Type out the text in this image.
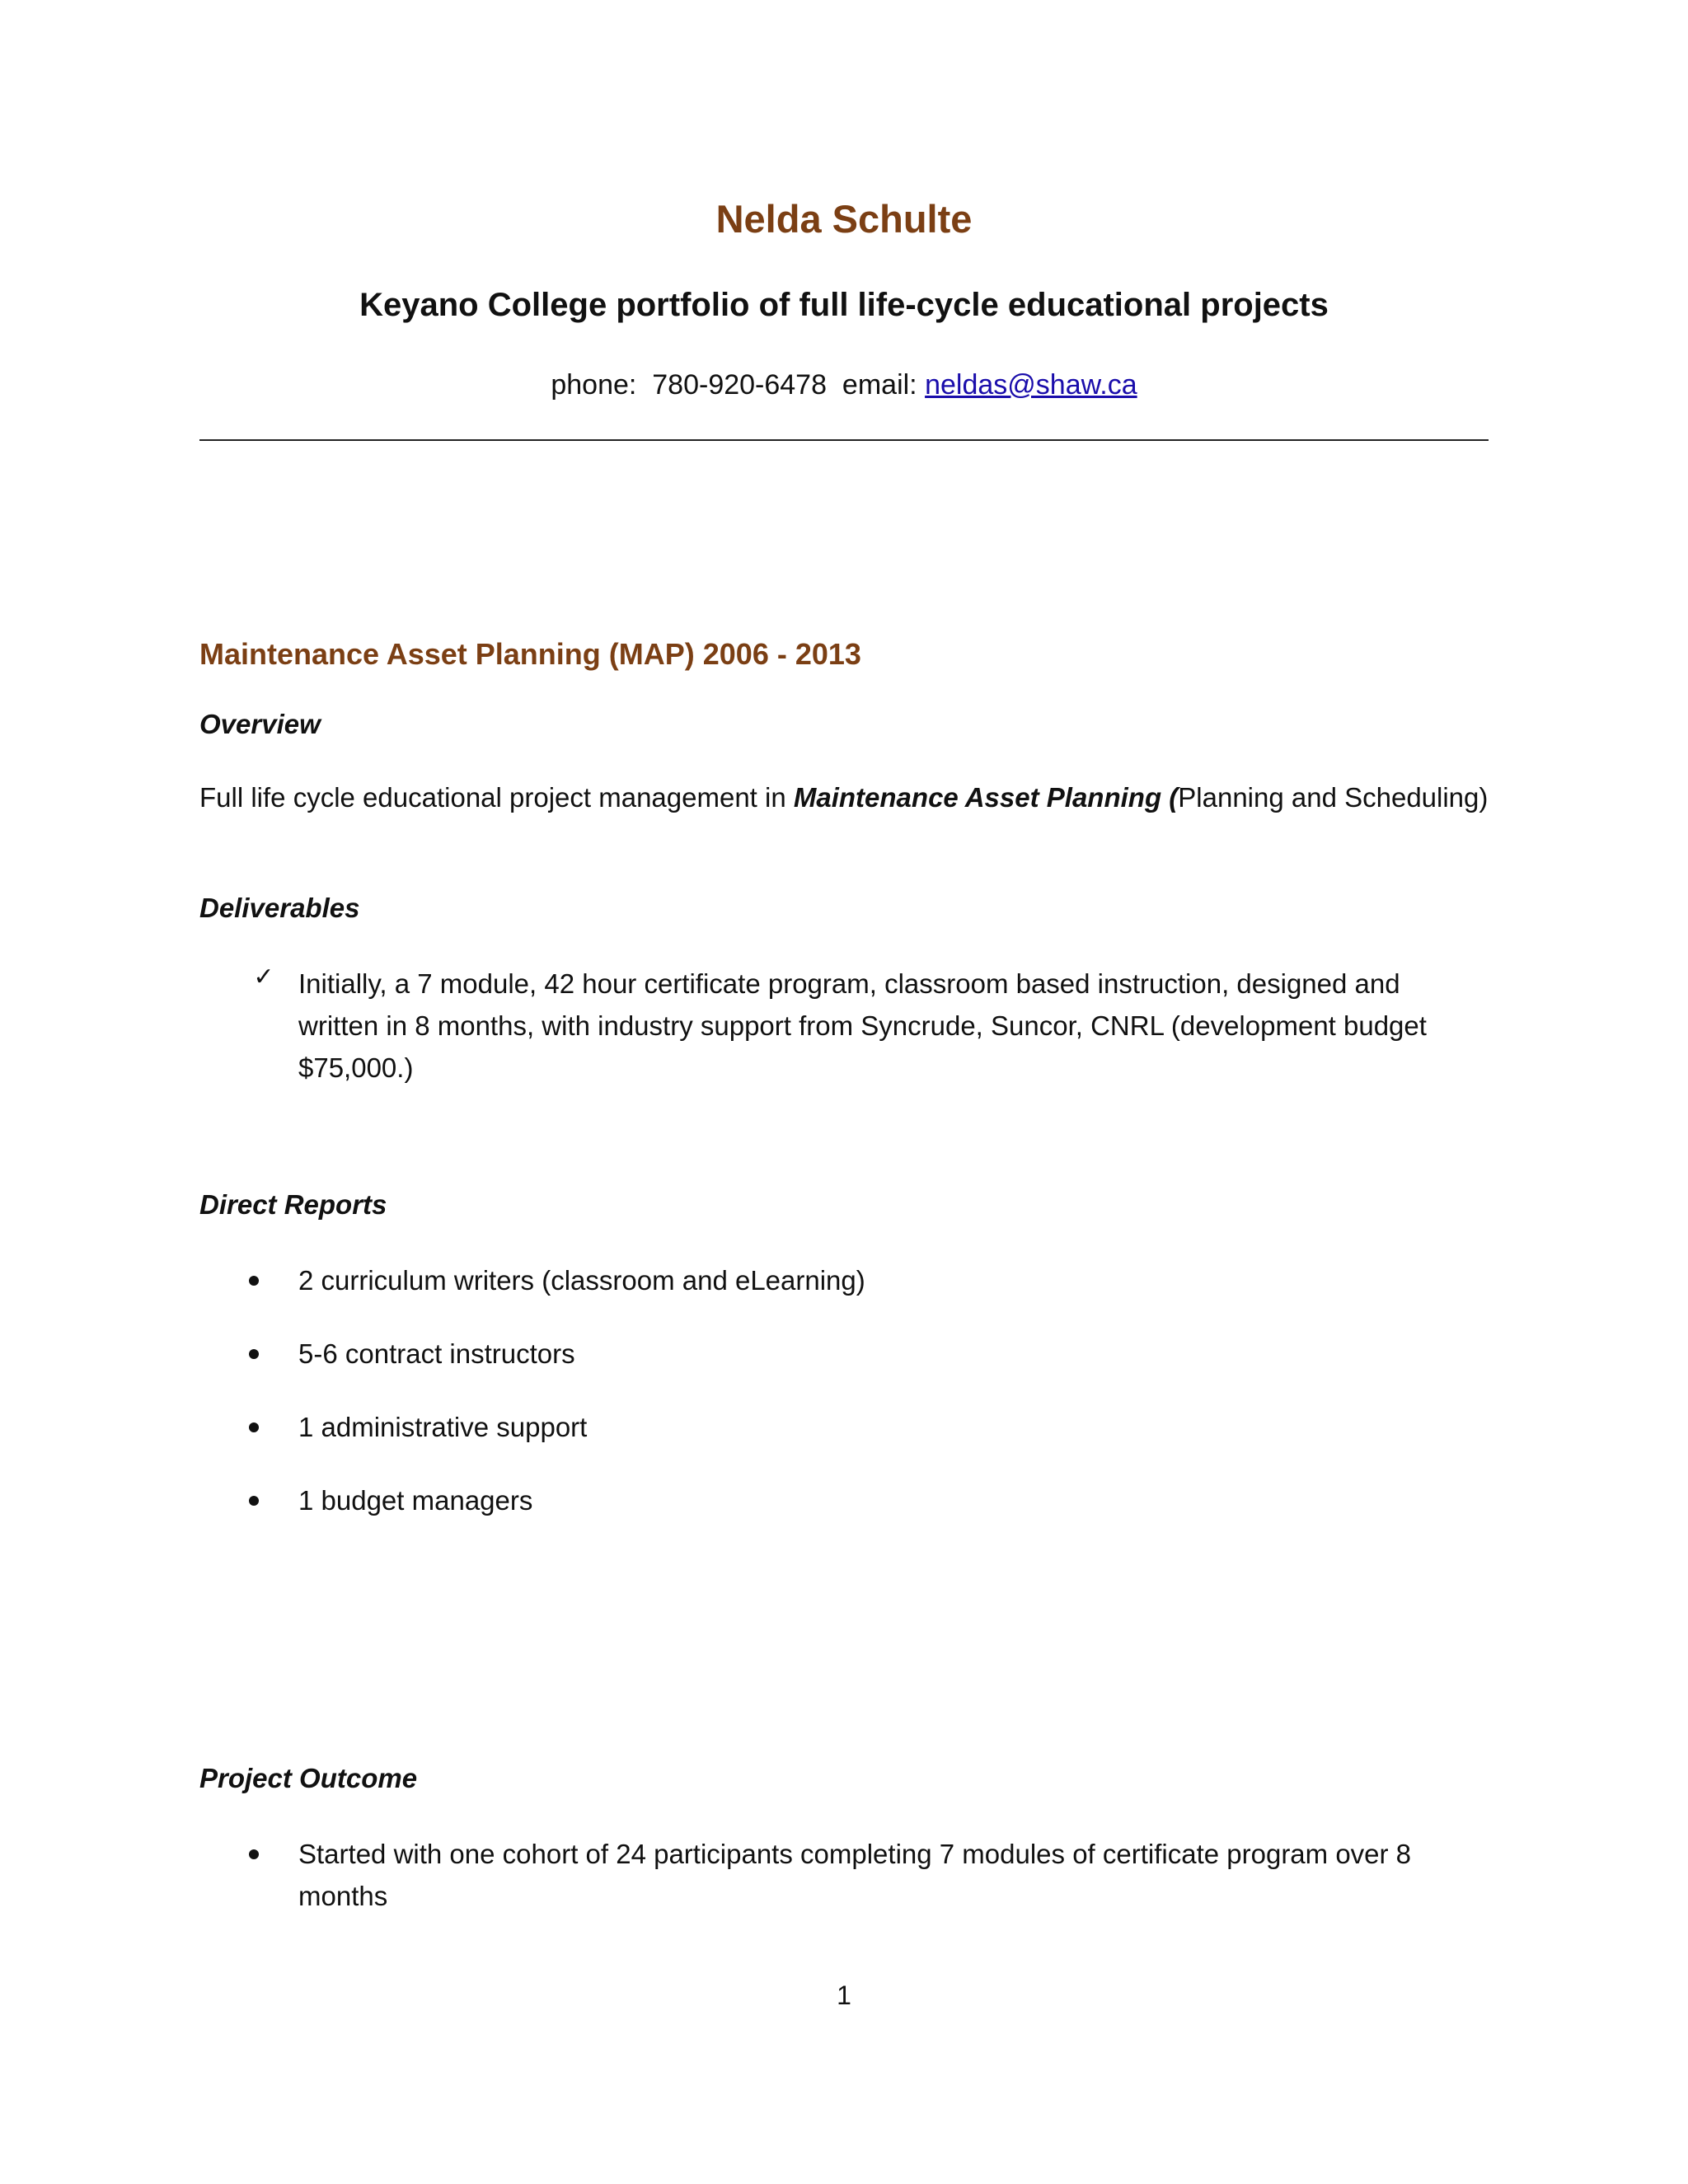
Nelda Schulte
Keyano College portfolio of full life-cycle educational projects
phone: 780-920-6478 email: neldas@shaw.ca
Maintenance Asset Planning (MAP) 2006 - 2013
Overview
Full life cycle educational project management in Maintenance Asset Planning (Planning and Scheduling)
Deliverables
✓ Initially, a 7 module, 42 hour certificate program, classroom based instruction, designed and written in 8 months, with industry support from Syncrude, Suncor, CNRL (development budget $75,000.)
Direct Reports
2 curriculum writers (classroom and eLearning)
5-6 contract instructors
1 administrative support
1 budget managers
Project Outcome
Started with one cohort of 24 participants completing 7 modules of certificate program over 8 months
1
